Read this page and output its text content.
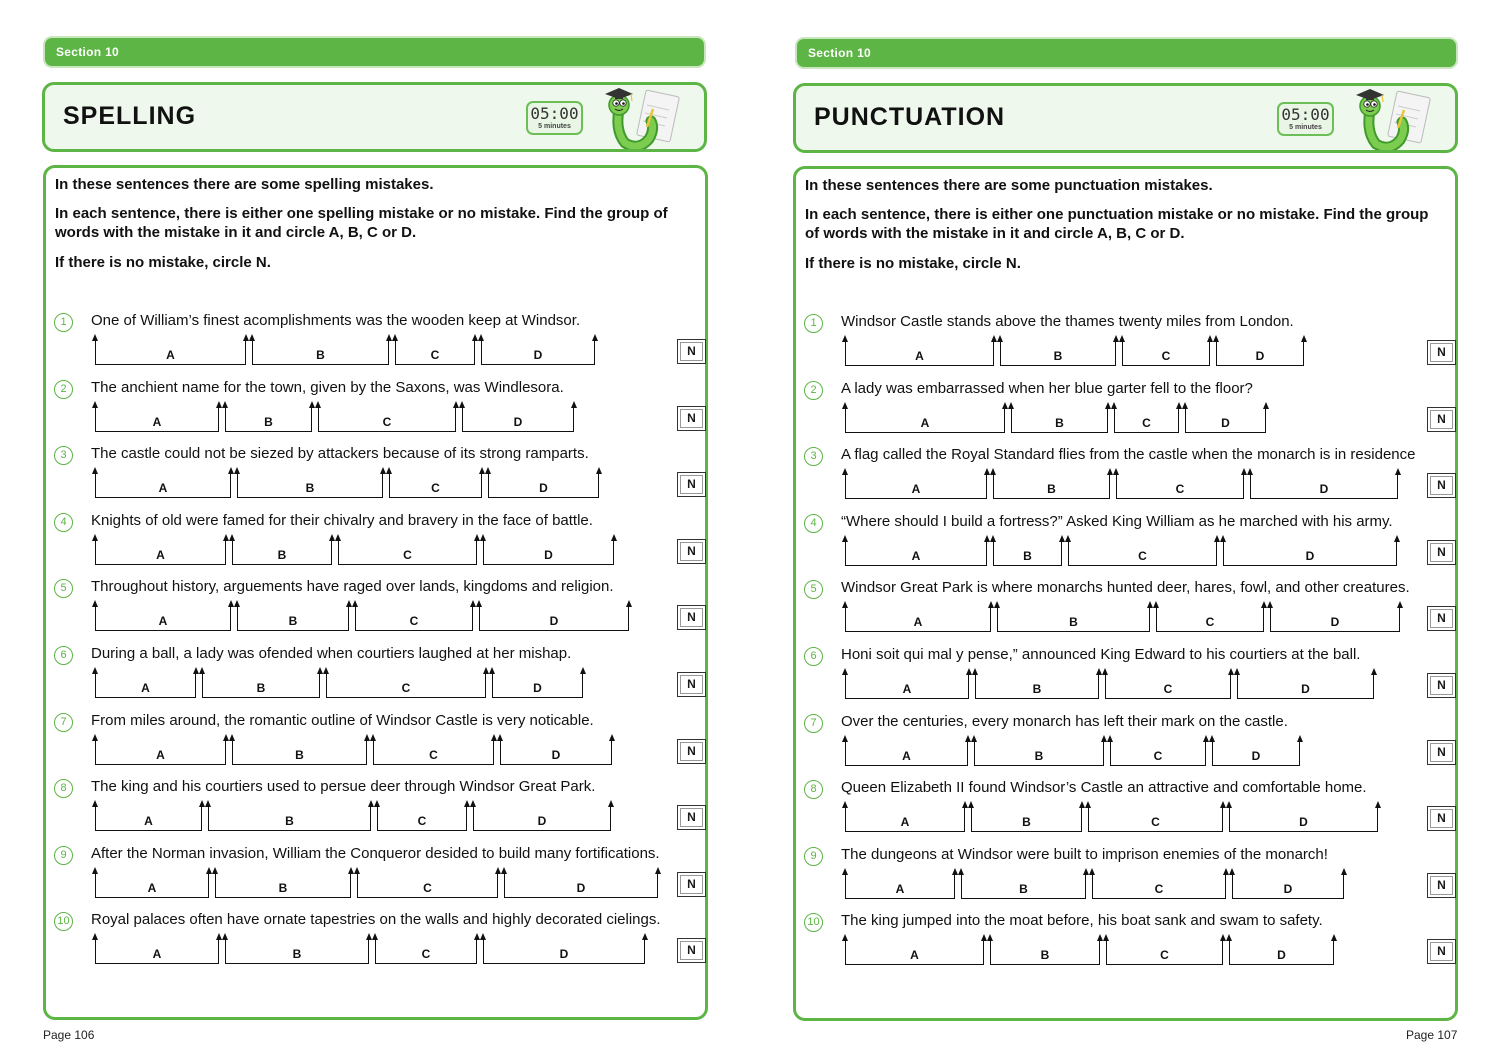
Section 10
SPELLING	05:00
5 minutes
In these sentences there are some spelling mistakes.
In each sentence, there is either one spelling mistake or no mistake. Find the group of words with the mistake in it and circle A, B, C or D.
If there is no mistake, circle N.
1	One of William’s finest acomplishments was the wooden keep at Windsor.
A	B	C	D	N
2	The anchient name for the town, given by the Saxons, was Windlesora.
A	B	C	D	N
3	The castle could not be siezed by attackers because of its strong ramparts.
A	B	C	D	N
4	Knights of old were famed for their chivalry and bravery in the face of battle.
A	B	C	D	N
5	Throughout history, arguements have raged over lands, kingdoms and religion.
A	B	C	D	N
6	During a ball, a lady was ofended when courtiers laughed at her mishap.
A	B	C	D	N
7	From miles around, the romantic outline of Windsor Castle is very noticable.
A	B	C	D	N
8	The king and his courtiers used to persue deer through Windsor Great Park.
A	B	C	D	N
9	After the Norman invasion, William the Conqueror desided to build many fortifications.
A	B	C	D	N
10 Royal palaces often have ornate tapestries on the walls and highly decorated cielings.
A	B	C	D	N
Page 106
Section 10
PUNCTUATION	05:00
5 minutes
In these sentences there are some punctuation mistakes.
In each sentence, there is either one punctuation mistake or no mistake. Find the group of words with the mistake in it and circle A, B, C or D.
If there is no mistake, circle N.
1	Windsor Castle stands above the thames twenty miles from London.
A	B	C	D	N
2	A lady was embarrassed when her blue garter fell to the floor?
A	B	C	D	N
3	A flag called the Royal Standard flies from the castle when the monarch is in residence
A	B	C	D	N
4	“Where should I build a fortress?” Asked King William as he marched with his army.
A	B	C	D	N
5	Windsor Great Park is where monarchs hunted deer, hares, fowl, and other creatures.
A	B	C	D	N
6	Honi soit qui mal y pense,” announced King Edward to his courtiers at the ball.
A	B	C	D	N
7	Over the centuries, every monarch has left their mark on the castle.
A	B	C	D	N
8	Queen Elizabeth II found Windsor’s Castle an attractive and comfortable home.
A	B	C	D	N
9	The dungeons at Windsor were built to imprison enemies of the monarch!
A	B	C	D	N
10 The king jumped into the moat before, his boat sank and swam to safety.
A	B	C	D	N
Page 107
